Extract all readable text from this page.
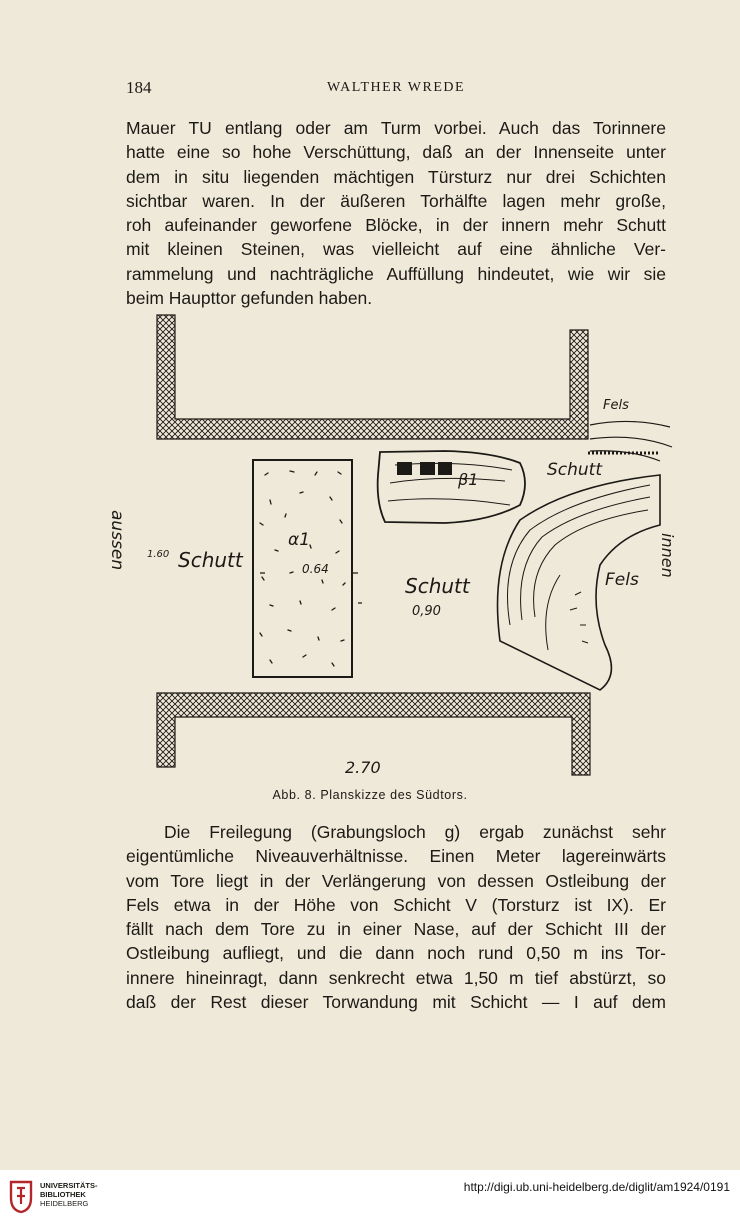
184	WALTHER WREDE

Mauer TU entlang oder am Turm vorbei. Auch das Torinnere
hatte eine so hohe Verschüttung, daß an der Innenseite unter
dem in situ liegenden mächtigen Türsturz nur drei Schichten
sichtbar waren. In der äußeren Torhälfte lagen mehr große,
roh aufeinander geworfene Blöcke, in der innern mehr Schutt
mit kleinen Steinen, was vielleicht auf eine ähnliche Ver-
rammelung und nachträgliche Auffüllung hindeutet, wie wir sie
beim Haupttor gefunden haben.

aussen	innen
Fels
Schutt
β1
α1
0.64
1.60 Schutt
Schutt
0,90
Fels
2.70
Abb. 8. Planskizze des Südtors.

Die Freilegung (Grabungsloch g) ergab zunächst sehr
eigentümliche Niveauverhältnisse. Einen Meter lagereinwärts
vom Tore liegt in der Verlängerung von dessen Ostleibung der
Fels etwa in der Höhe von Schicht V (Torsturz ist IX). Er
fällt nach dem Tore zu in einer Nase, auf der Schicht III der
Ostleibung aufliegt, und die dann noch rund 0,50 m ins Tor-
innere hineinragt, dann senkrecht etwa 1,50 m tief abstürzt, so
daß der Rest dieser Torwandung mit Schicht — I auf dem

UNIVERSITÄTS-
BIBLIOTHEK
HEIDELBERG
http://digi.ub.uni-heidelberg.de/diglit/am1924/0191
